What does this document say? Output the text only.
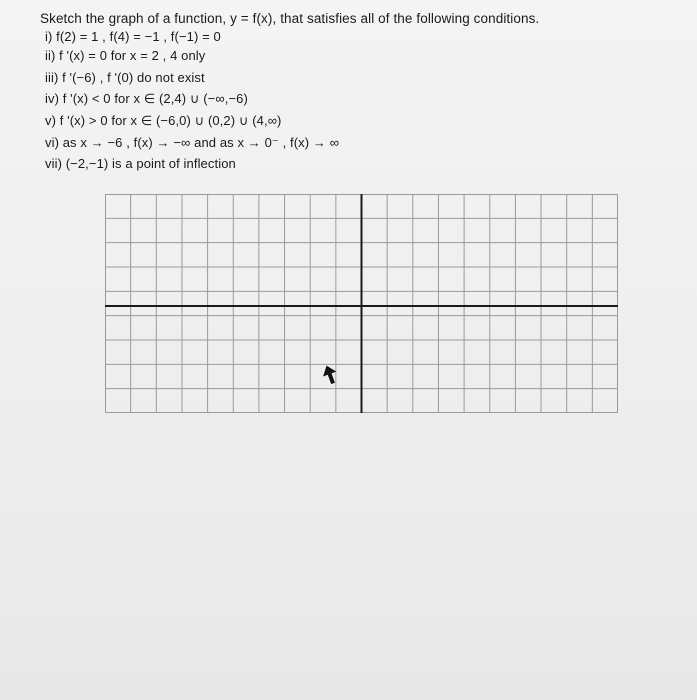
Sketch the graph of a function, y = f(x), that satisfies all of the following conditions.
i) f(2) = 1 , f(4) = −1 , f(−1) = 0
ii) f '(x) = 0 for x = 2 , 4 only
iii) f '(−6) , f '(0) do not exist
iv) f '(x) < 0 for x ∈ (2,4) ∪ (−∞,−6)
v) f '(x) > 0 for x ∈ (−6,0) ∪ (0,2) ∪ (4,∞)
vi) as x → −6 , f(x) → −∞ and as x → 0⁻ , f(x) → ∞
vii) (−2,−1) is a point of inflection
